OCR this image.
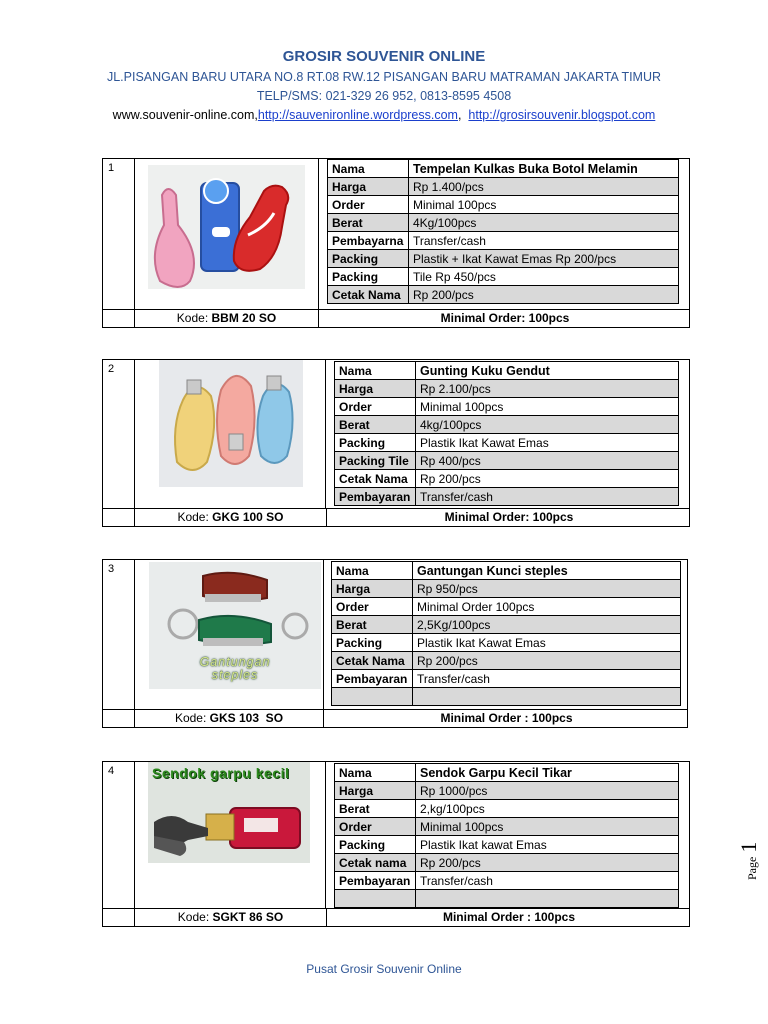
GROSIR SOUVENIR ONLINE
JL.PISANGAN BARU UTARA NO.8 RT.08 RW.12 PISANGAN BARU MATRAMAN JAKARTA TIMUR
TELP/SMS: 021-329 26 952, 0813-8595 4508
www.souvenir-online.com,http://sauvenironline.wordpress.com,  http://grosirsouvenir.blogspot.com
1	Nama	Tempelan Kulkas Buka Botol Melamin
Harga	Rp 1.400/pcs
Order	Minimal 100pcs
Berat	4Kg/100pcs
Pembayarna	Transfer/cash
Packing	Plastik + Ikat Kawat Emas Rp 200/pcs
Packing	Tile Rp 450/pcs
Cetak Nama	Rp 200/pcs
Kode: BBM 20 SO	Minimal Order: 100pcs
2	Nama	Gunting Kuku Gendut
Harga	Rp 2.100/pcs
Order	Minimal 100pcs
Berat	4kg/100pcs
Packing	Plastik Ikat Kawat Emas
Packing Tile	Rp 400/pcs
Cetak Nama	Rp 200/pcs
Pembayaran	Transfer/cash
Kode: GKG 100 SO	Minimal Order: 100pcs
3
Gantungan
steples
Nama	Gantungan Kunci steples
Harga	Rp 950/pcs
Order	Minimal Order 100pcs
Berat	2,5Kg/100pcs
Packing	Plastik Ikat Kawat Emas
Cetak Nama	Rp 200/pcs
Pembayaran	Transfer/cash

Kode: GKS 103  SO	Minimal Order : 100pcs
4	Sendok garpu kecil	Nama	Sendok Garpu Kecil Tikar
Harga	Rp 1000/pcs
Berat	2,kg/100pcs
Order	Minimal 100pcs
Packing	Plastik Ikat kawat Emas
Cetak nama	Rp 200/pcs
Pembayaran	Transfer/cash

Kode: SGKT 86 SO	Minimal Order : 100pcs
Pusat Grosir Souvenir Online
Page 1
